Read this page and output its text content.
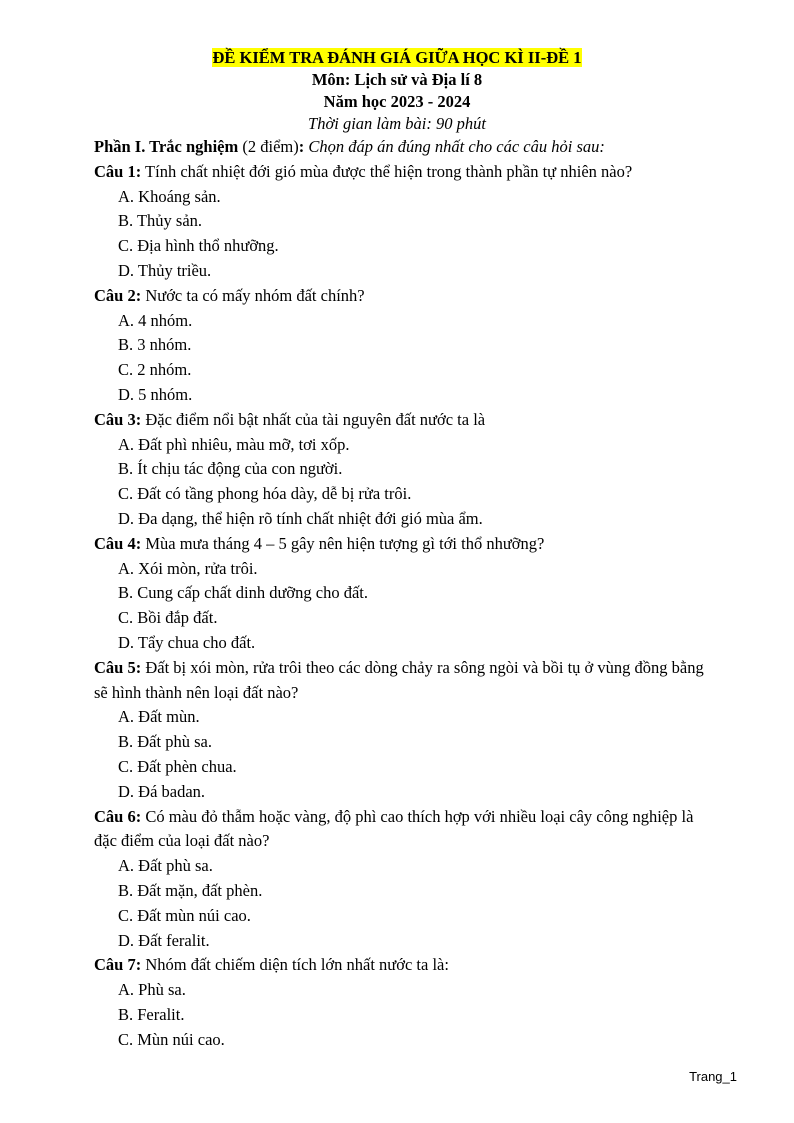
ĐỀ KIỂM TRA ĐÁNH GIÁ GIỮA HỌC KÌ II-ĐỀ 1
Môn: Lịch sử và Địa lí 8
Năm học 2023 - 2024
Thời gian làm bài: 90 phút

Phần I. Trắc nghiệm (2 điểm): Chọn đáp án đúng nhất cho các câu hỏi sau:

Câu 1: Tính chất nhiệt đới gió mùa được thể hiện trong thành phần tự nhiên nào?

A. Khoáng sản.

B. Thủy sản.

C. Địa hình thổ nhưỡng.

D. Thủy triều.

Câu 2: Nước ta có mấy nhóm đất chính?

A. 4 nhóm.

B. 3 nhóm.

C. 2 nhóm.

D. 5 nhóm.

Câu 3: Đặc điểm nổi bật nhất của tài nguyên đất nước ta là

A. Đất phì nhiêu, màu mỡ, tơi xốp.

B. Ít chịu tác động của con người.

C. Đất có tầng phong hóa dày, dễ bị rửa trôi.

D. Đa dạng, thể hiện rõ tính chất nhiệt đới gió mùa ẩm.

Câu 4: Mùa mưa tháng 4 – 5 gây nên hiện tượng gì tới thổ nhưỡng?

A. Xói mòn, rửa trôi.

B. Cung cấp chất dinh dưỡng cho đất.

C. Bồi đắp đất.

D. Tẩy chua cho đất.

Câu 5: Đất bị xói mòn, rửa trôi theo các dòng chảy ra sông ngòi và bồi tụ ở vùng đồng bằng sẽ hình thành nên loại đất nào?

A. Đất mùn.

B. Đất phù sa.

C. Đất phèn chua.

D. Đá badan.

Câu 6: Có màu đỏ thẫm hoặc vàng, độ phì cao thích hợp với nhiều loại cây công nghiệp là đặc điểm của loại đất nào?

A. Đất phù sa.

B. Đất mặn, đất phèn.

C. Đất mùn núi cao.

D. Đất feralit.

Câu 7: Nhóm đất chiếm diện tích lớn nhất nước ta là:

A. Phù sa.

B. Feralit.

C. Mùn núi cao.

Trang_1
